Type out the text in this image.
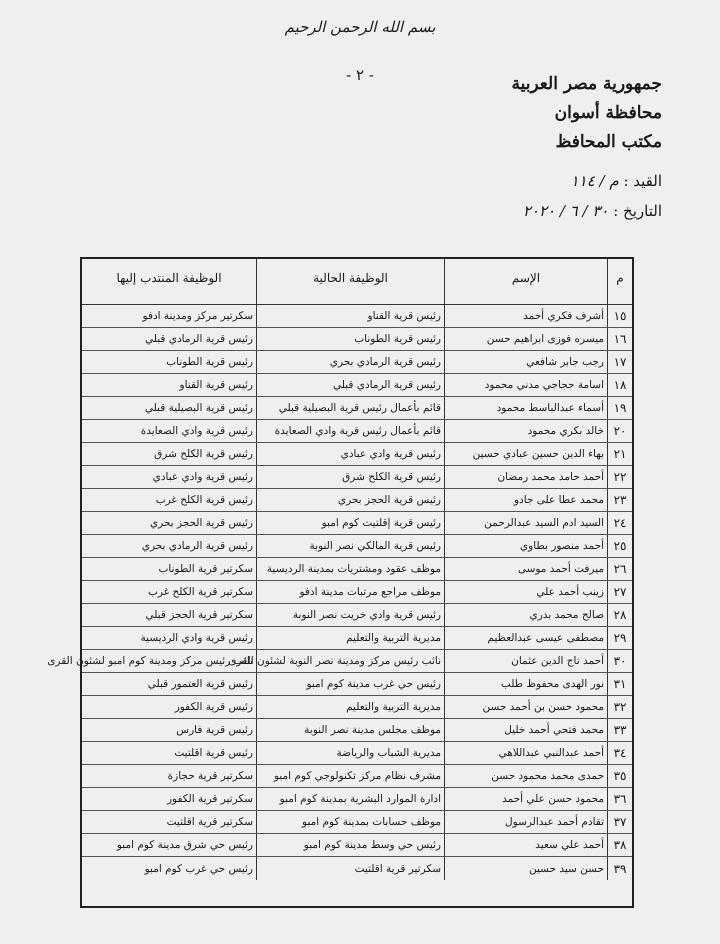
بسم الله الرحمن الرحيم
- ٢ -	جمهورية مصر العربية
محافظة أسوان
مكتب المحافظ
القيد : م / ١١٤
التاريخ : ٣٠ / ٦ / ٢٠٢٠
م
الإسم
الوظيفة الحالية
الوظيفة المنتدب إليها
١٥
أشرف فكري أحمد
رئيس قرية القناو
سكرتير مركز ومدينة ادفو
١٦
ميسره فوزى ابراهيم حسن
رئيس قرية الطوناب
رئيس قرية الرمادي قبلي
١٧
رجب جابر شافعي
رئيس قرية الرمادي بحري
رئيس قرية الطوناب
١٨
اسامة حجاجي مدني محمود
رئيس قرية الرمادي قبلي
رئيس قرية القناو
١٩
أسماء عبدالباسط محمود
قائم بأعمال رئيس قرية البصيلية قبلي
رئيس قرية البصيلية قبلي
٢٠
خالد بكري محمود
قائم بأعمال رئيس قرية وادي الصعايدة
رئيس قرية وادي الصعايدة
٢١
بهاء الدين حسين عبادي حسين
رئيس قرية وادي عبادي
رئيس قرية الكلح شرق
٢٢
أحمد حامد محمد رمضان
رئيس قرية الكلح شرق
رئيس قرية وادي عبادي
٢٣
محمد عطا على جادو
رئيس قرية الحجز بحري
رئيس قرية الكلح غرب
٢٤
السيد ادم السيد عبدالرحمن
رئيس قرية إقلتيت كوم امبو
رئيس قرية الحجز بحري
٢٥
أحمد منصور بطاوي
رئيس قرية المالكي نصر النوبة
رئيس قرية الرمادي بحري
٢٦
ميرفت أحمد موسى
موظف عقود ومشتريات بمدينة الرديسية
سكرتير قرية الطوناب
٢٧
زينب أحمد علي
موظف مراجع مرتبات مدينة ادفو
سكرتير قرية الكلح غرب
٢٨
صالح محمد بدري
رئيس قرية وادي خريت نصر النوبة
سكرتير قرية الحجز قبلي
٢٩
مصطفى عيسى عبدالعظيم
مديرية التربية والتعليم
رئيس قرية وادي الرديسية
٣٠
أحمد تاج الدين عثمان
نائب رئيس مركز ومدينة نصر النوبة لشئون القرى
نائب رئيس مركز ومدينة كوم امبو لشئون القرى
٣١
نور الهدى محفوظ طلب
رئيس حي غرب مدينة كوم امبو
رئيس قرية العتمور قبلي
٣٢
محمود حسن بن أحمد حسن
مديرية التربية والتعليم
رئيس قرية الكفور
٣٣
محمد فتحي أحمد خليل
موظف مجلس مدينة نصر النوبة
رئيس قرية فارس
٣٤
أحمد عبدالنبي عبداللاهي
مديرية الشباب والرياضة
رئيس قرية اقلتيت
٣٥
حمدى محمد محمود حسن
مشرف نظام مركز تكنولوجي كوم امبو
سكرتير قرية حجازة
٣٦
محمود حسن علي أحمد
ادارة الموارد البشرية بمدينة كوم امبو
سكرتير قرية الكفور
٣٧
تقادم أحمد عبدالرسول
موظف حسابات بمدينة كوم امبو
سكرتير قرية اقلتيت
٣٨
أحمد علي سعيد
رئيس حي وسط مدينة كوم امبو
رئيس حي شرق مدينة كوم امبو
٣٩
حسن سيد حسين
سكرتير قرية اقلتيت
رئيس حي غرب كوم امبو
